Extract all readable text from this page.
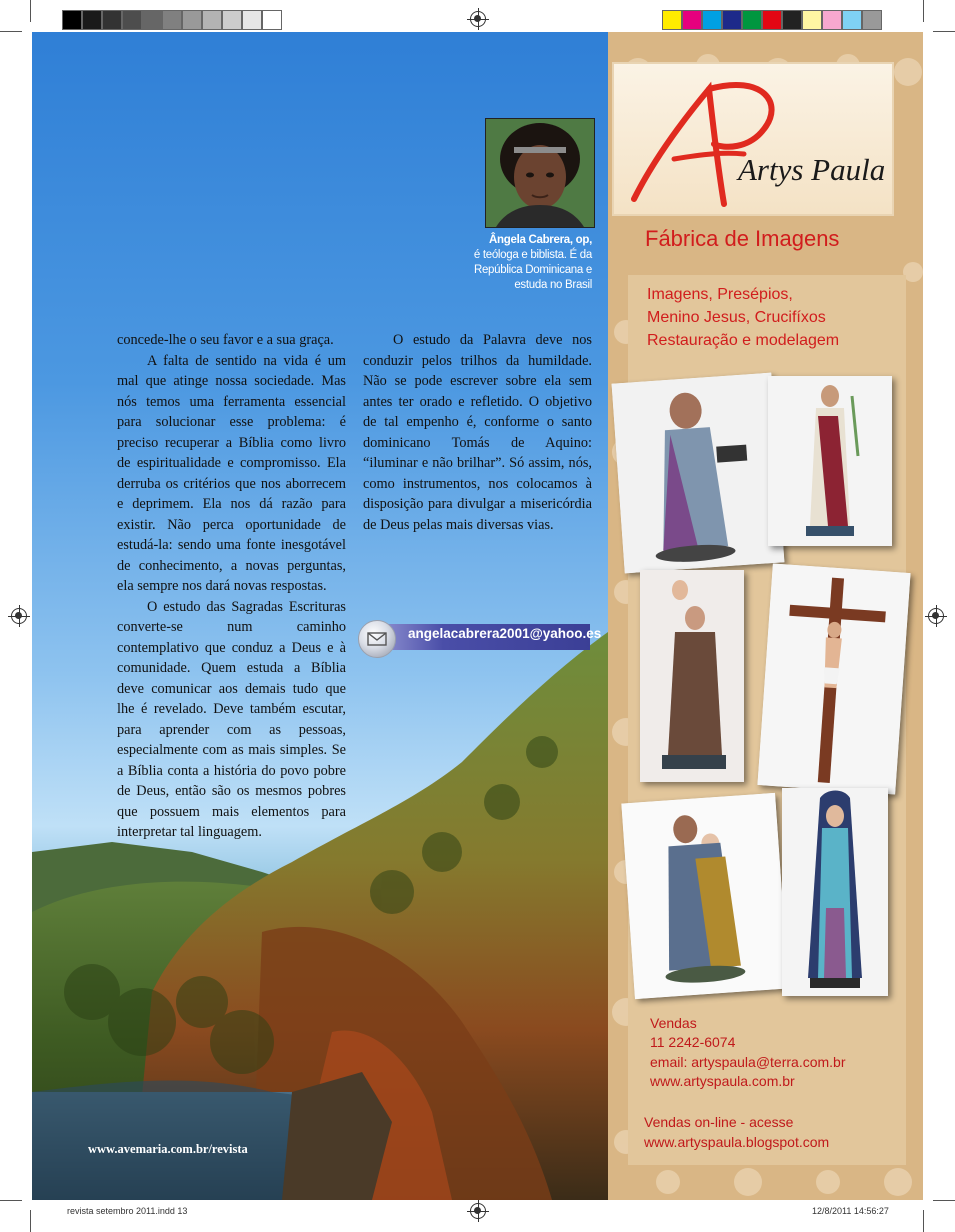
Ângela Cabrera, op,
é teóloga e biblista. É da
República Dominicana e
estuda no Brasil

concede-lhe o seu favor e a sua graça.

A falta de sentido na vida é um mal que atinge nossa sociedade. Mas nós temos uma ferramenta essencial para solucionar esse problema: é preciso recuperar a Bíblia como livro de espiritualidade e compromisso. Ela derruba os critérios que nos aborrecem e deprimem. Ela nos dá razão para existir. Não perca oportunidade de estudá-la: sendo uma fonte inesgotável de conhecimento, a novas perguntas, ela sempre nos dará novas respostas.

O estudo das Sagradas Escrituras converte-se num caminho contemplativo que conduz a Deus e à comunidade. Quem estuda a Bíblia deve comunicar aos demais tudo que lhe é revelado. Deve também escutar, para aprender com as pessoas, especialmente com as mais simples. Se a Bíblia conta a história do povo pobre de Deus, então são os mesmos pobres que possuem mais elementos para interpretar tal linguagem.

O estudo da Palavra deve nos conduzir pelos trilhos da humildade. Não se pode escrever sobre ela sem antes ter orado e refletido. O objetivo de tal empenho é, conforme o santo dominicano Tomás de Aquino: “iluminar e não brilhar”. Só assim, nós, como instrumentos, nos colocamos à disposição para divulgar a misericórdia de Deus pelas mais diversas vias.

angelacabrera2001@yahoo.es
www.avemaria.com.br/revista
Artys Paula
Fábrica de Imagens
Imagens, Presépios,
Menino Jesus, Crucifíxos
Restauração e modelagem
Vendas
11 2242-6074
email: artyspaula@terra.com.br
www.artyspaula.com.br
Vendas on-line - acesse
www.artyspaula.blogspot.com
revista setembro 2011.indd 13	12/8/2011 14:56:27
